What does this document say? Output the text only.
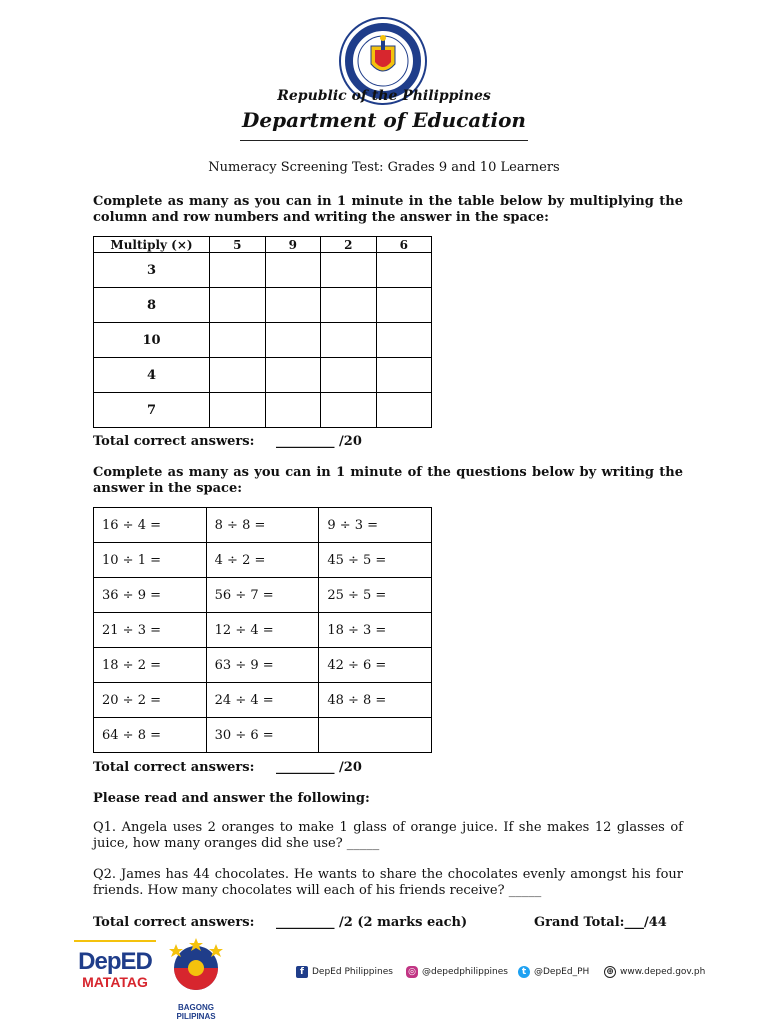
Republic of the Philippines
Department of Education
Numeracy Screening Test: Grades 9 and 10 Learners
Complete as many as you can in 1 minute in the table below by multiplying the column and row numbers and writing the answer in the space:
Multiply (×)	5	9	2	6
3				
8				
10				
4				
7				
Total correct answers: _________ /20
Complete as many as you can in 1 minute of the questions below by writing the answer in the space:
16 ÷ 4 =	8 ÷ 8 =	9 ÷ 3 =
10 ÷ 1 =	4 ÷ 2 =	45 ÷ 5 =
36 ÷ 9 =	56 ÷ 7 =	25 ÷ 5 =
21 ÷ 3 =	12 ÷ 4 =	18 ÷ 3 =
18 ÷ 2 =	63 ÷ 9 =	42 ÷ 6 =
20 ÷ 2 =	24 ÷ 4 =	48 ÷ 8 =
64 ÷ 8 =	30 ÷ 6 =	
Total correct answers: _________ /20
Please read and answer the following:
Q1. Angela uses 2 oranges to make 1 glass of orange juice. If she makes 12 glasses of juice, how many oranges did she use? _____
Q2. James has 44 chocolates. He wants to share the chocolates evenly amongst his four friends. How many chocolates will each of his friends receive? _____
Total correct answers: _________ /2 (2 marks each)	Grand Total:___/44
DepED
MATATAG
BAGONG PILIPINAS
f DepEd Philippines ◎ @depedphilippines	t @DepEd_PH ⊕ www.deped.gov.ph
